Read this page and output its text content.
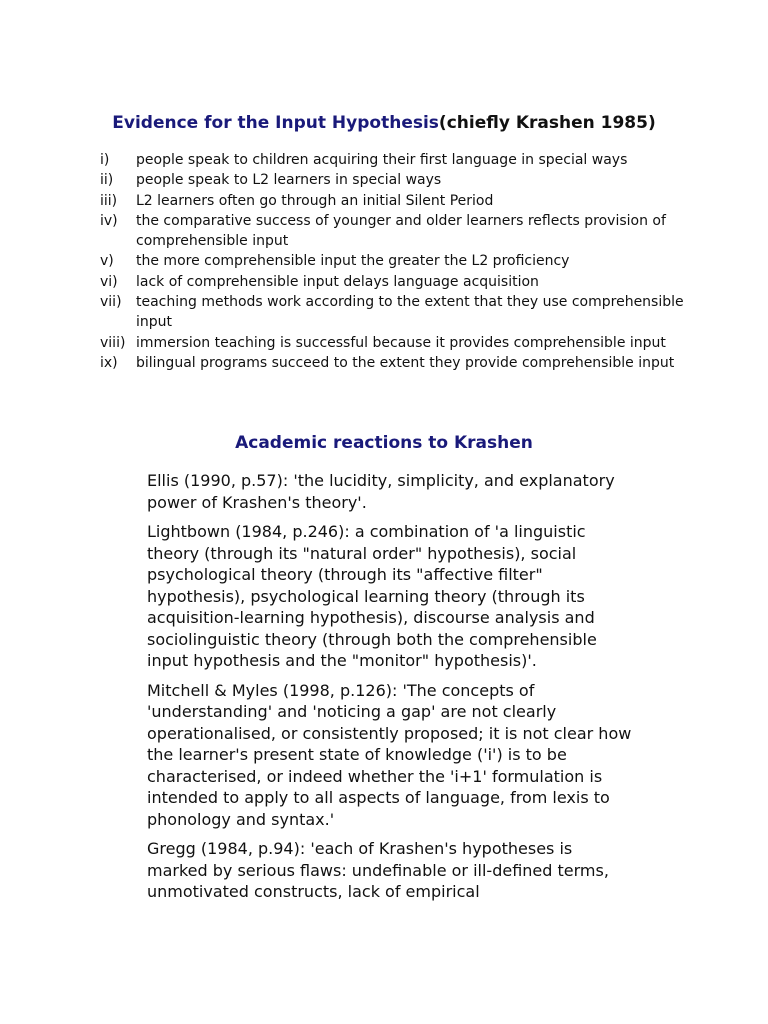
Evidence for the Input Hypothesis(chiefly Krashen 1985)
i)	people speak to children acquiring their first language in special ways
ii)	people speak to L2 learners in special ways
iii)	L2 learners often go through an initial Silent Period
iv)	the comparative success of younger and older learners reflects provision of comprehensible input
v)	the more comprehensible input the greater the L2 proficiency
vi)	lack of comprehensible input delays language acquisition
vii)	teaching methods work according to the extent that they use comprehensible input
viii) immersion teaching is successful because it provides comprehensible input
ix)	bilingual programs succeed to the extent they provide comprehensible input
Academic reactions to Krashen

Ellis (1990, p.57): 'the lucidity, simplicity, and explanatory power of Krashen's theory'.

Lightbown (1984, p.246): a combination of 'a linguistic theory (through its "natural order" hypothesis), social psychological theory (through its "affective filter" hypothesis), psychological learning theory (through its acquisition-learning hypothesis), discourse analysis and sociolinguistic theory (through both the comprehensible input hypothesis and the "monitor" hypothesis)'.

Mitchell & Myles (1998, p.126): 'The concepts of 'understanding' and 'noticing a gap' are not clearly operationalised, or consistently proposed; it is not clear how the learner's present state of knowledge ('i') is to be characterised, or indeed whether the 'i+1' formulation is intended to apply to all aspects of language, from lexis to phonology and syntax.'

Gregg (1984, p.94): 'each of Krashen's hypotheses is marked by serious flaws: undefinable or ill-defined terms, unmotivated constructs, lack of empirical
